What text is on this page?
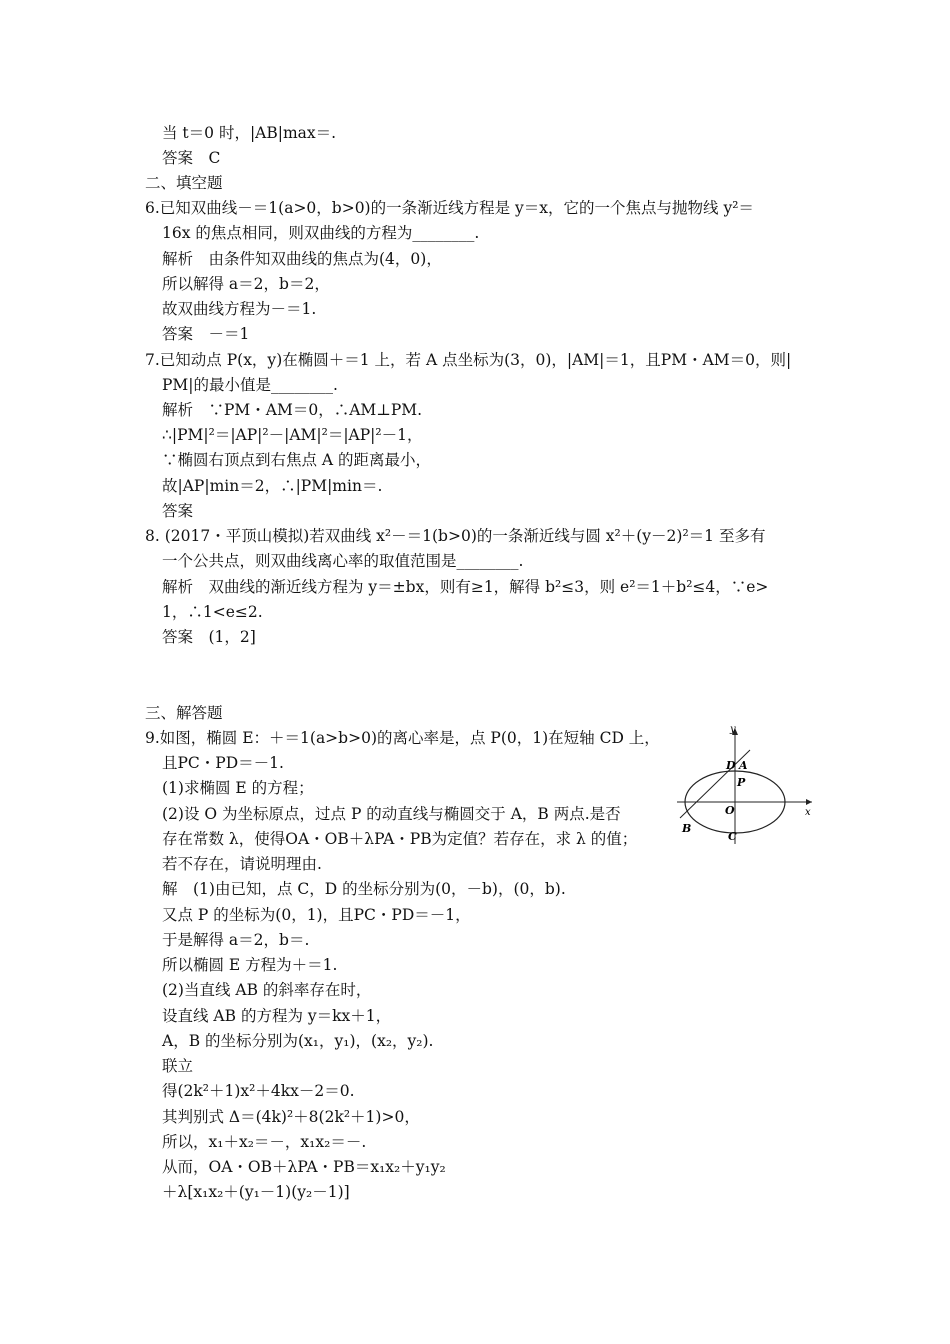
当 t＝0 时，|AB|max＝.
答案　C
二、填空题
6.已知双曲线－＝1(a>0，b>0)的一条渐近线方程是 y＝x，它的一个焦点与抛物线 y²＝
16x 的焦点相同，则双曲线的方程为________.
解析　由条件知双曲线的焦点为(4，0)，
所以解得 a＝2，b＝2，
故双曲线方程为－＝1.
答案　－＝1
7.已知动点 P(x，y)在椭圆＋＝1 上，若 A 点坐标为(3，0)，|AM|＝1，且PM・AM＝0，则|
PM|的最小值是________.
解析　∵PM・AM＝0，∴AM⊥PM.
∴|PM|²＝|AP|²－|AM|²＝|AP|²－1，
∵椭圆右顶点到右焦点 A 的距离最小，
故|AP|min＝2，∴|PM|min＝.
答案
8. (2017・平顶山模拟)若双曲线 x²－＝1(b>0)的一条渐近线与圆 x²＋(y－2)²＝1 至多有
一个公共点，则双曲线离心率的取值范围是________.
解析　双曲线的渐近线方程为 y＝±bx，则有≥1，解得 b²≤3，则 e²＝1＋b²≤4，∵e>
1，∴1<e≤2.
答案　(1，2]
三、解答题
9.如图，椭圆 E：＋＝1(a>b>0)的离心率是，点 P(0，1)在短轴 CD 上，
且PC・PD＝－1.
(1)求椭圆 E 的方程；
(2)设 O 为坐标原点，过点 P 的动直线与椭圆交于 A，B 两点.是否
存在常数 λ，使得OA・OB＋λPA・PB为定值？若存在，求 λ 的值；
若不存在，请说明理由.
解　(1)由已知，点 C，D 的坐标分别为(0，－b)，(0，b).
又点 P 的坐标为(0，1)，且PC・PD＝－1，
于是解得 a＝2，b＝.
所以椭圆 E 方程为＋＝1.
(2)当直线 AB 的斜率存在时，
设直线 AB 的方程为 y＝kx＋1，
A，B 的坐标分别为(x₁，y₁)，(x₂，y₂).
联立
得(2k²＋1)x²＋4kx－2＝0.
其判别式 Δ＝(4k)²＋8(2k²＋1)>0，
所以，x₁＋x₂＝－，x₁x₂＝－.
从而，OA・OB＋λPA・PB＝x₁x₂＋y₁y₂
＋λ[x₁x₂＋(y₁－1)(y₂－1)]
y
x
D A
P
O
B
C
